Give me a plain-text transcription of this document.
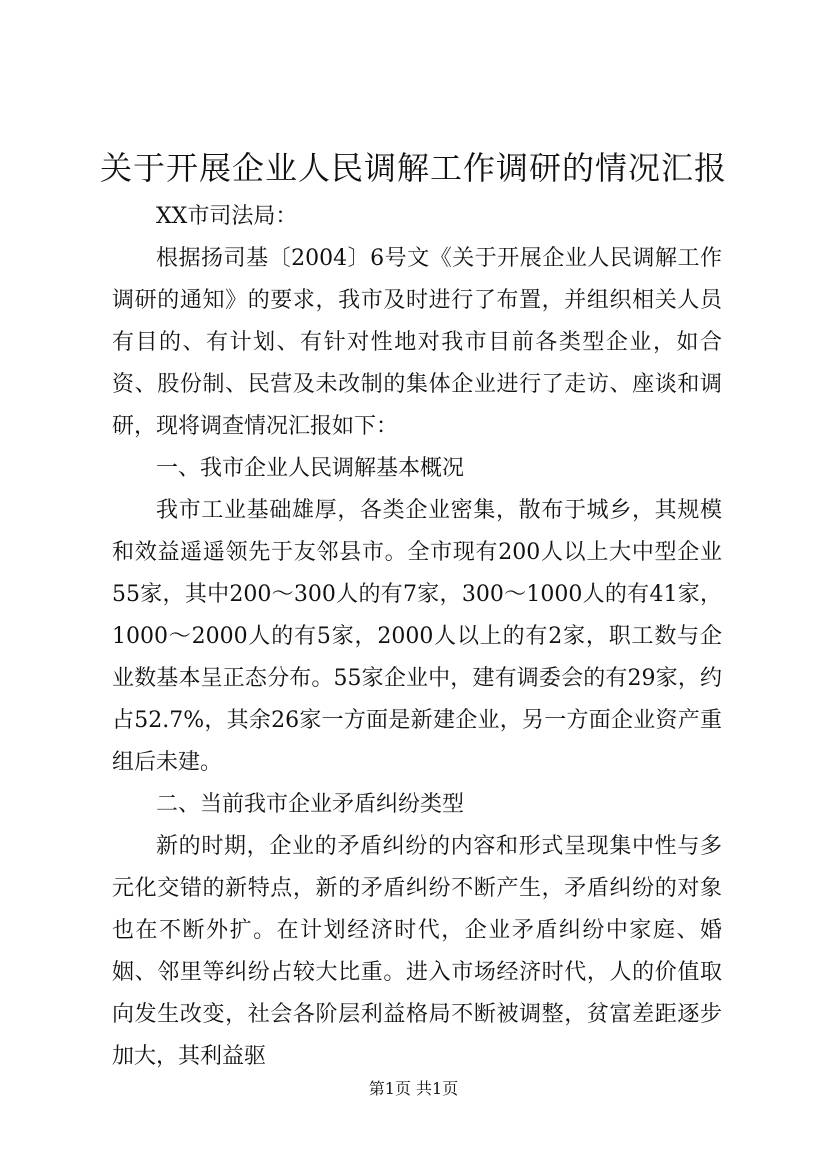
关于开展企业人民调解工作调研的情况汇报

XX市司法局：

根据扬司基〔2004〕6号文《关于开展企业人民调解工作调研的通知》的要求，我市及时进行了布置，并组织相关人员有目的、有计划、有针对性地对我市目前各类型企业，如合资、股份制、民营及未改制的集体企业进行了走访、座谈和调研，现将调查情况汇报如下：

一、我市企业人民调解基本概况

我市工业基础雄厚，各类企业密集，散布于城乡，其规模和效益遥遥领先于友邻县市。全市现有200人以上大中型企业55家，其中200～300人的有7家，300～1000人的有41家，1000～2000人的有5家，2000人以上的有2家，职工数与企业数基本呈正态分布。55家企业中，建有调委会的有29家，约占52.7%，其余26家一方面是新建企业，另一方面企业资产重组后未建。

二、当前我市企业矛盾纠纷类型

新的时期，企业的矛盾纠纷的内容和形式呈现集中性与多元化交错的新特点，新的矛盾纠纷不断产生，矛盾纠纷的对象也在不断外扩。在计划经济时代，企业矛盾纠纷中家庭、婚姻、邻里等纠纷占较大比重。进入市场经济时代，人的价值取向发生改变，社会各阶层利益格局不断被调整，贫富差距逐步加大，其利益驱

第1页 共1页
